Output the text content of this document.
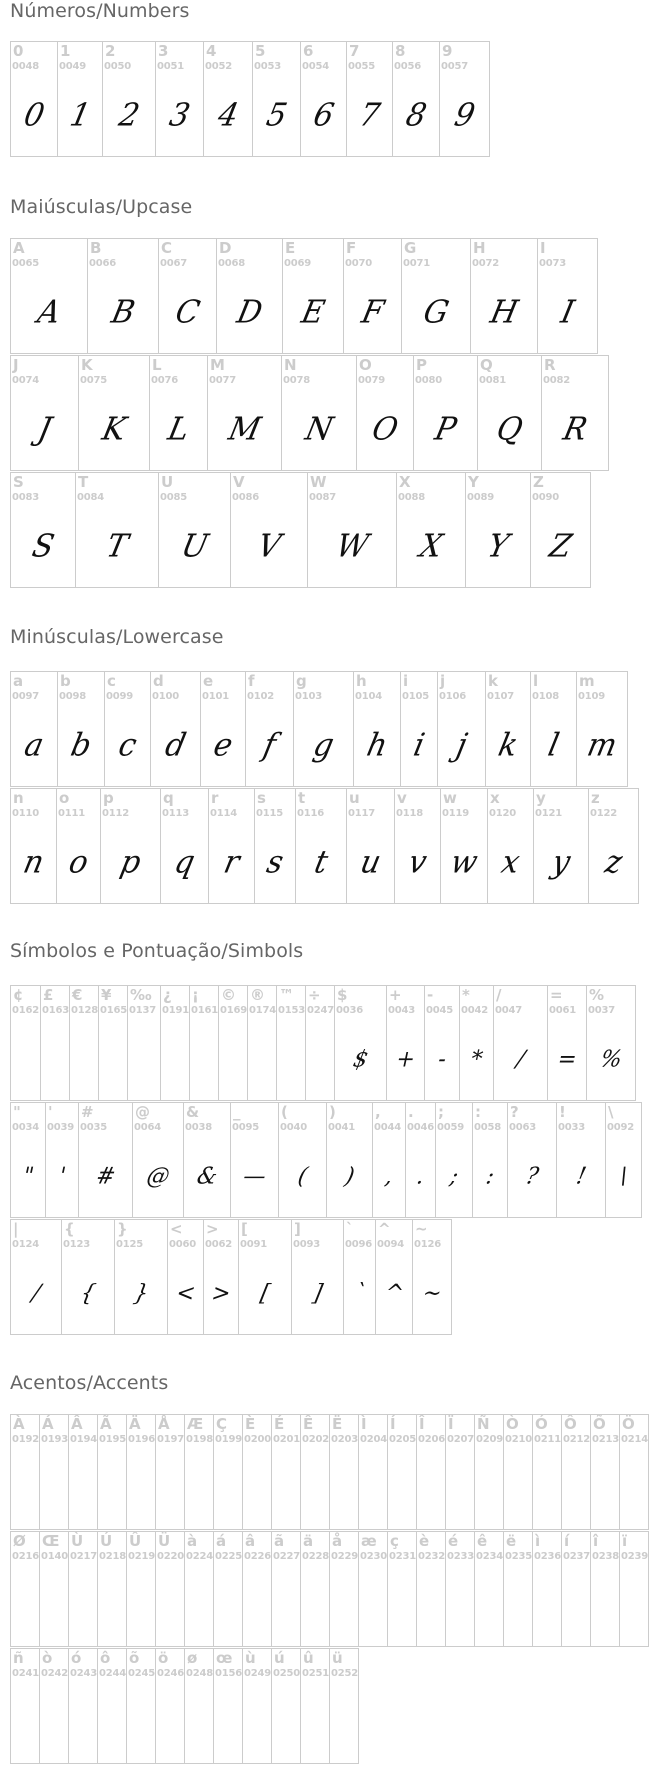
Números/Numbers
0
0048
0
1
0049
1
2
0050
2
3
0051
3
4
0052
4
5
0053
5
6
0054
6
7
0055
7
8
0056
8
9
0057
9
Maiúsculas/Upcase
A
0065
A
B
0066
B
C
0067
C
D
0068
D
E
0069
E
F
0070
F
G
0071
G
H
0072
H
I
0073
I
J
0074
J
K
0075
K
L
0076
L
M
0077
M
N
0078
N
O
0079
O
P
0080
P
Q
0081
Q
R
0082
R
S
0083
S
T
0084
T
U
0085
U
V
0086
V
W
0087
W
X
0088
X
Y
0089
Y
Z
0090
Z
Minúsculas/Lowercase
a
0097
a
b
0098
b
c
0099
c
d
0100
d
e
0101
e
f
0102
f
g
0103
g
h
0104
h
i
0105
i
j
0106
j
k
0107
k
l
0108
l
m
0109
m
n
0110
n
o
0111
o
p
0112
p
q
0113
q
r
0114
r
s
0115
s
t
0116
t
u
0117
u
v
0118
v
w
0119
w
x
0120
x
y
0121
y
z
0122
z
Símbolos e Pontuação/Simbols
¢
0162
£
0163
€
0128
¥
0165
‰
0137
¿
0191
¡
0161
©
0169
®
0174
™
0153
÷
0247
$
0036
$
+
0043
+
-
0045
-
*
0042
*
/
0047
/
=
0061
=
%
0037
%
"
0034
"
'
0039
'
#
0035
#
@
0064
@
&
0038
&
_
0095
—
(
0040
(
)
0041
)
,
0044
,
.
0046
.
;
0059
;
:
0058
:
?
0063
?
!
0033
!
\
0092
\
|
0124
/
{
0123
{
}
0125
}
<
0060
<
>
0062
>
[
0091
[
]
0093
]
`
0096
`
^
0094
^
~
0126
~
Acentos/Accents
À
0192
Á
0193
Â
0194
Ã
0195
Ä
0196
Å
0197
Æ
0198
Ç
0199
È
0200
É
0201
Ê
0202
Ë
0203
Ì
0204
Í
0205
Î
0206
Ï
0207
Ñ
0209
Ò
0210
Ó
0211
Ô
0212
Õ
0213
Ö
0214
Ø
0216
Œ
0140
Ù
0217
Ú
0218
Û
0219
Ü
0220
à
0224
á
0225
â
0226
ã
0227
ä
0228
å
0229
æ
0230
ç
0231
è
0232
é
0233
ê
0234
ë
0235
ì
0236
í
0237
î
0238
ï
0239
ñ
0241
ò
0242
ó
0243
ô
0244
õ
0245
ö
0246
ø
0248
œ
0156
ù
0249
ú
0250
û
0251
ü
0252
